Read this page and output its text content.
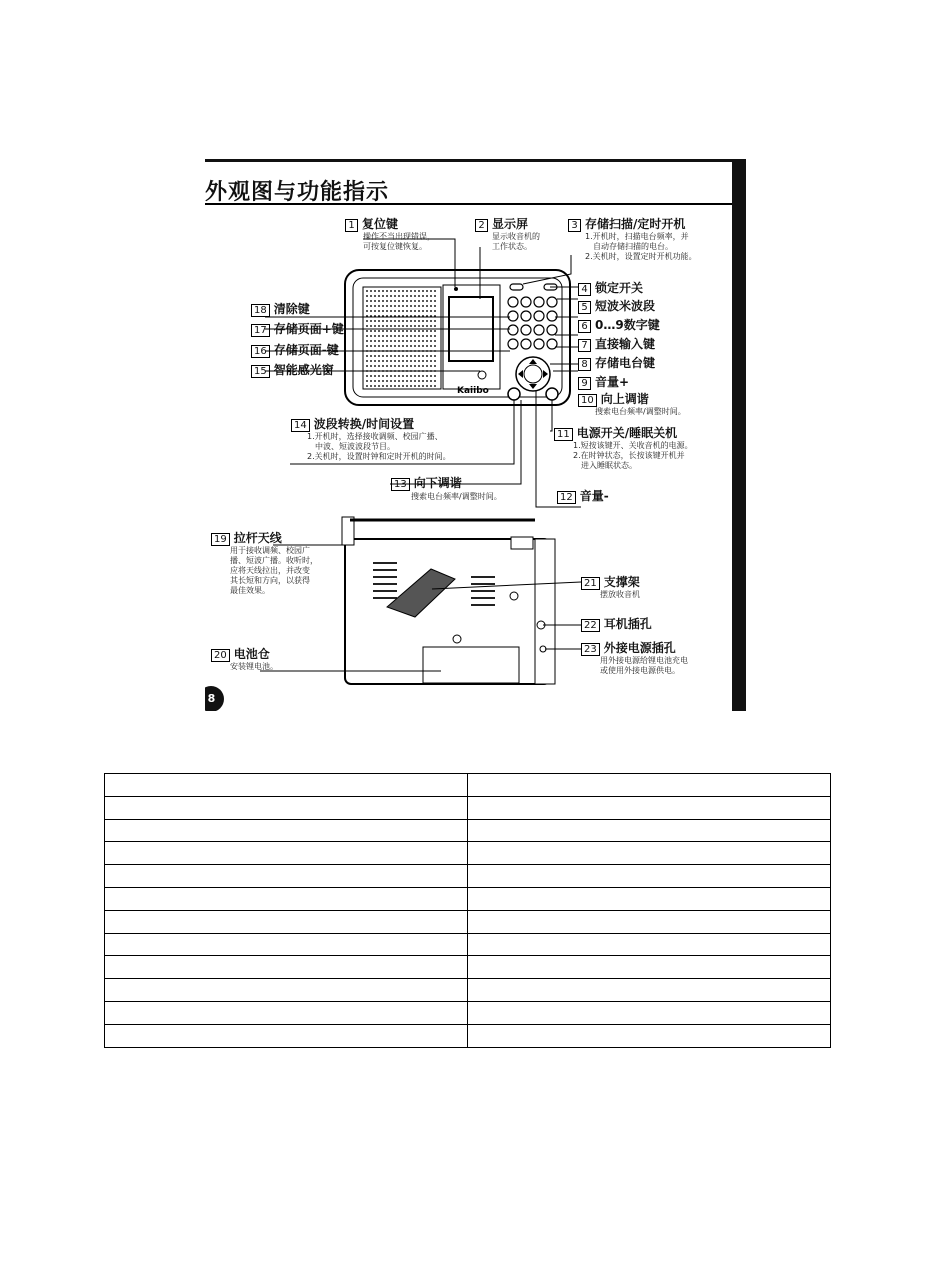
Kaiibo
外观图与功能指示
1 复位键
操作不当出现错误，
可按复位键恢复。
2 显示屏
显示收音机的
工作状态。
3 存储扫描/定时开机
1.开机时，扫描电台频率，并
自动存储扫描的电台。
2.关机时，设置定时开机功能。
4 锁定开关
5 短波米波段
6 0…9数字键
7 直接输入键
8 存储电台键
9 音量+
10 向上调谐
搜索电台频率/调整时间。
11 电源开关/睡眠关机
1.短按该键开、关收音机的电源。
2.在时钟状态，长按该键开机并
进入睡眠状态。
12 音量-
13 向下调谐
搜索电台频率/调整时间。
14 波段转换/时间设置
1.开机时，选择接收调频、校园广播、
中波、短波波段节目。
2.关机时，设置时钟和定时开机的时间。
15 智能感光窗
16 存储页面-键
17 存储页面+键
18 清除键
19 拉杆天线
用于接收调频、校园广
播、短波广播。收听时，
应将天线拉出，并改变
其长短和方向，以获得
最佳效果。
20 电池仓
安装锂电池。
21 支撑架
摆放收音机
22 耳机插孔
23 外接电源插孔
用外接电源给锂电池充电
或使用外接电源供电。
8
